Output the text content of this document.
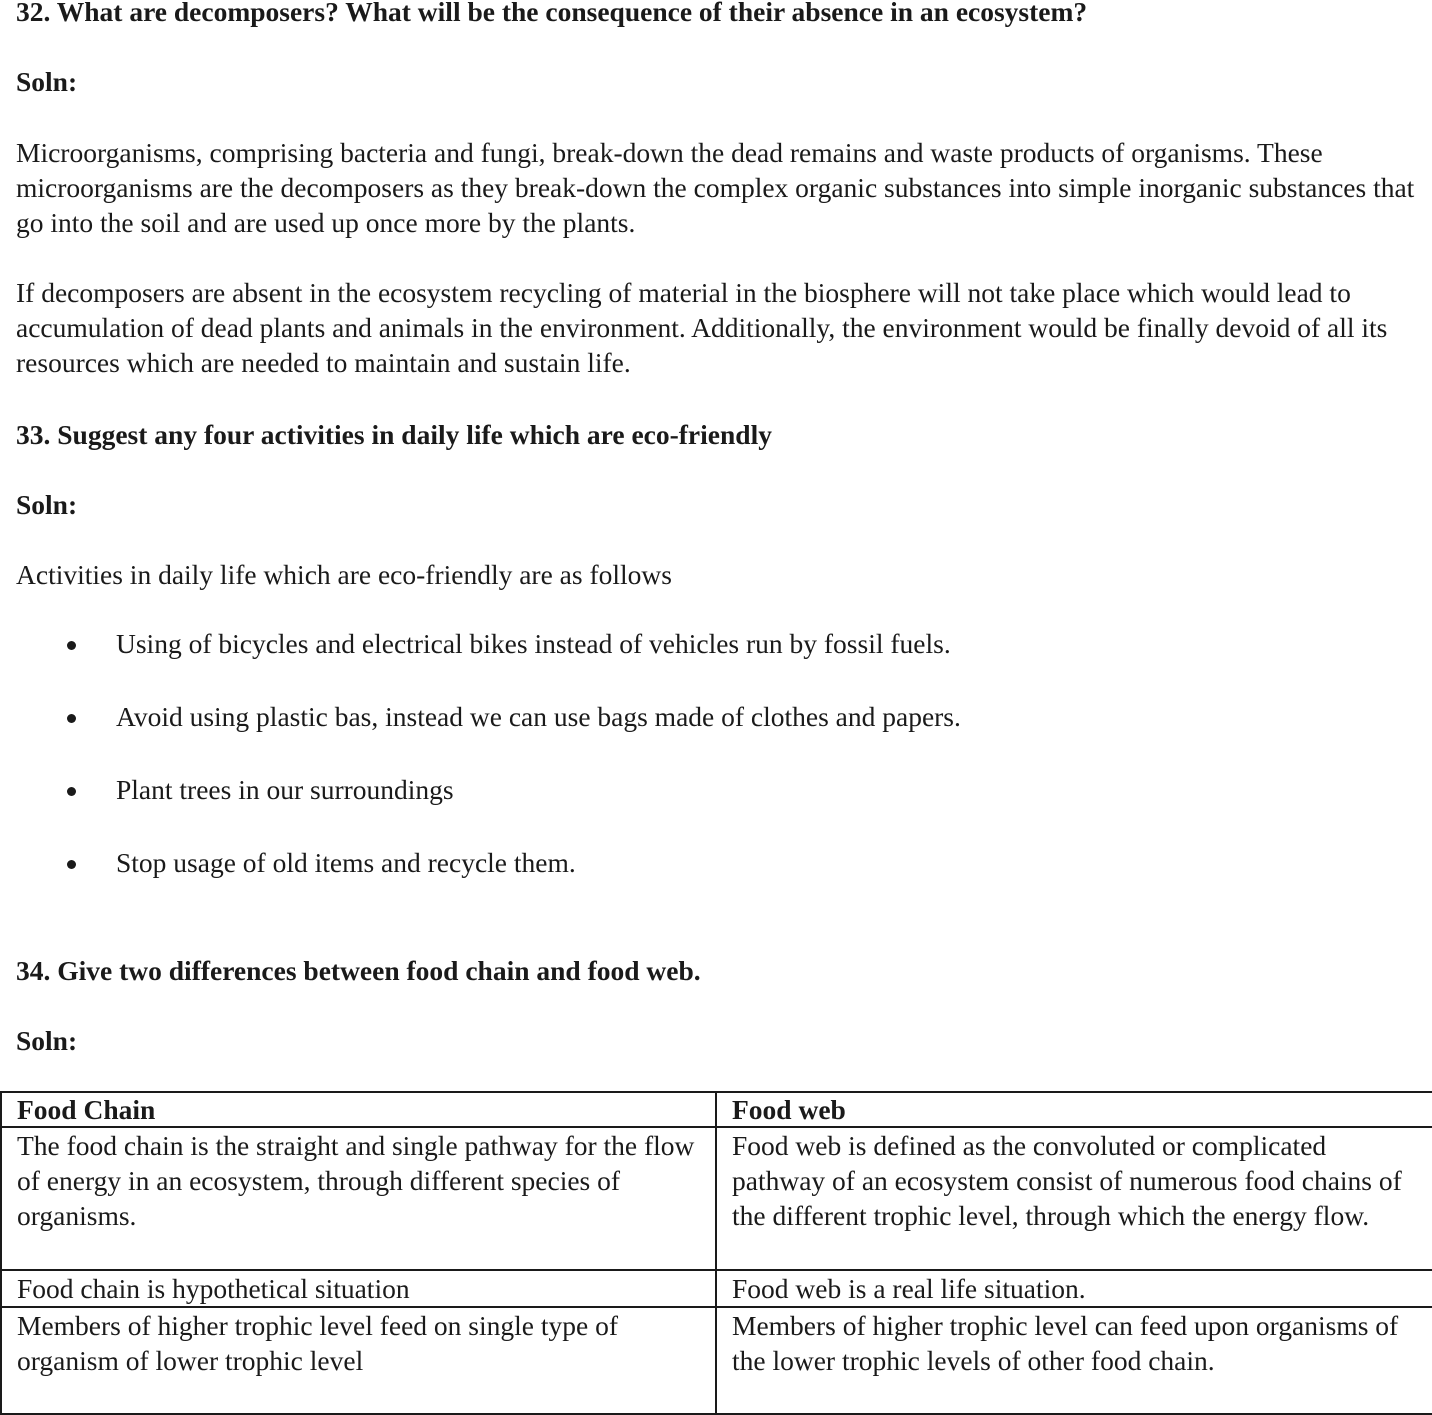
32. What are decomposers? What will be the consequence of their absence in an ecosystem?
Soln:

Microorganisms, comprising bacteria and fungi, break-down the dead remains and waste products of organisms. These microorganisms are the decomposers as they break-down the complex organic substances into simple inorganic substances that go into the soil and are used up once more by the plants.

If decomposers are absent in the ecosystem recycling of material in the biosphere will not take place which would lead to accumulation of dead plants and animals in the environment. Additionally, the environment would be finally devoid of all its resources which are needed to maintain and sustain life.

33. Suggest any four activities in daily life which are eco-friendly
Soln:

Activities in daily life which are eco-friendly are as follows

Using of bicycles and electrical bikes instead of vehicles run by fossil fuels.
Avoid using plastic bas, instead we can use bags made of clothes and papers.
Plant trees in our surroundings
Stop usage of old items and recycle them.
34. Give two differences between food chain and food web.
Soln:
Food Chain	Food web
The food chain is the straight and single pathway for the flow of energy in an ecosystem, through different species of organisms.	Food web is defined as the convoluted or complicated pathway of an ecosystem consist of numerous food chains of the different trophic level, through which the energy flow.
Food chain is hypothetical situation	Food web is a real life situation.
Members of higher trophic level feed on single type of organism of lower trophic level	Members of higher trophic level can feed upon organisms of the lower trophic levels of other food chain.
